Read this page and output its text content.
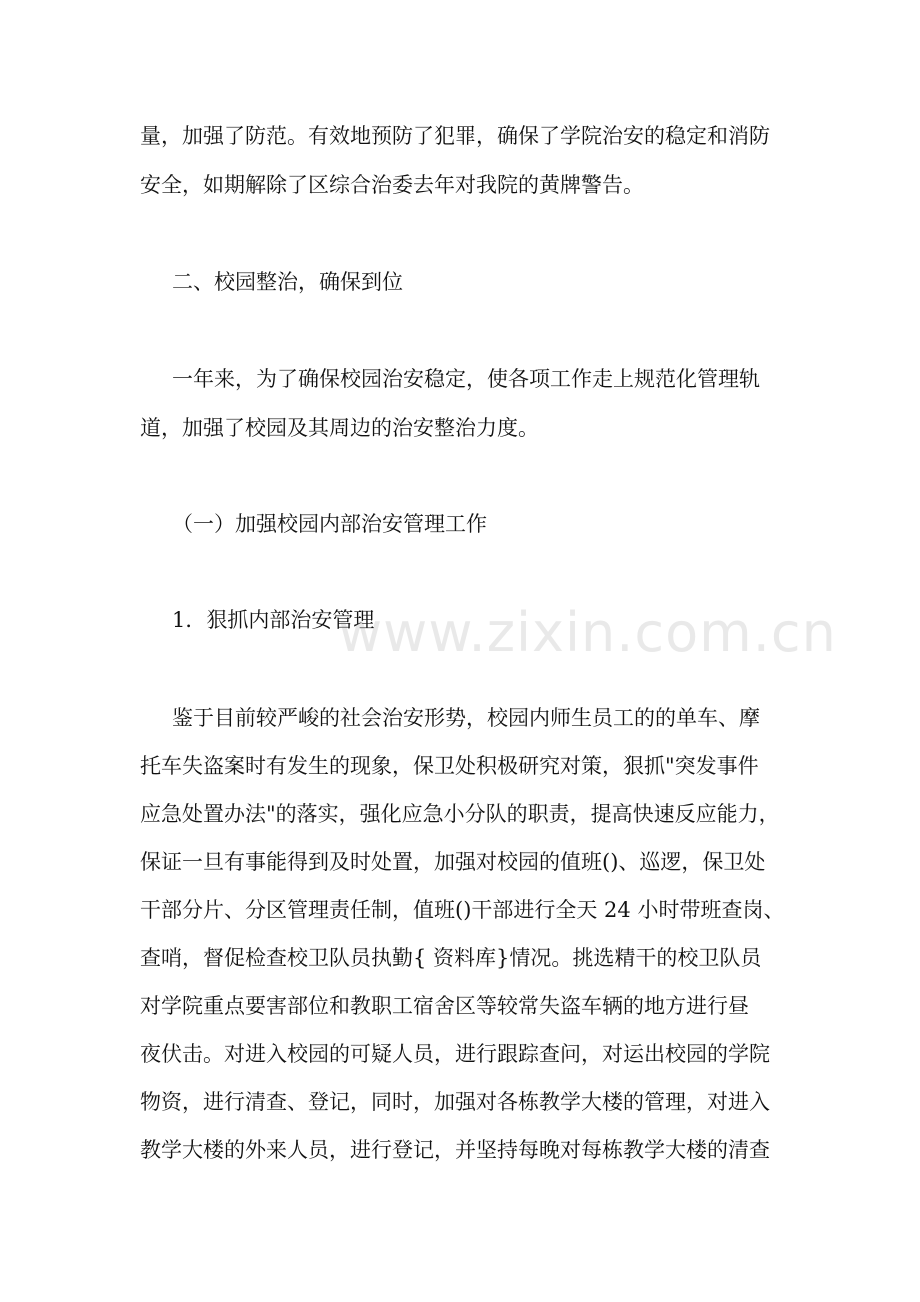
量，加强了防范。有效地预防了犯罪，确保了学院治安的稳定和消防
安全，如期解除了区综合治委去年对我院的黄牌警告。
二、校园整治，确保到位
一年来，为了确保校园治安稳定，使各项工作走上规范化管理轨
道，加强了校园及其周边的治安整治力度。
（一）加强校园内部治安管理工作
1．狠抓内部治安管理
鉴于目前较严峻的社会治安形势，校园内师生员工的的单车、摩
托车失盗案时有发生的现象，保卫处积极研究对策，狠抓"突发事件
应急处置办法"的落实，强化应急小分队的职责，提高快速反应能力，
保证一旦有事能得到及时处置，加强对校园的值班()、巡逻，保卫处
干部分片、分区管理责任制，值班()干部进行全天 24 小时带班查岗、
查哨，督促检查校卫队员执勤{ 资料库}情况。挑选精干的校卫队员
对学院重点要害部位和教职工宿舍区等较常失盗车辆的地方进行昼
夜伏击。对进入校园的可疑人员，进行跟踪查问，对运出校园的学院
物资，进行清查、登记，同时，加强对各栋教学大楼的管理，对进入
教学大楼的外来人员，进行登记，并坚持每晚对每栋教学大楼的清查
www.zixin.com.cn
